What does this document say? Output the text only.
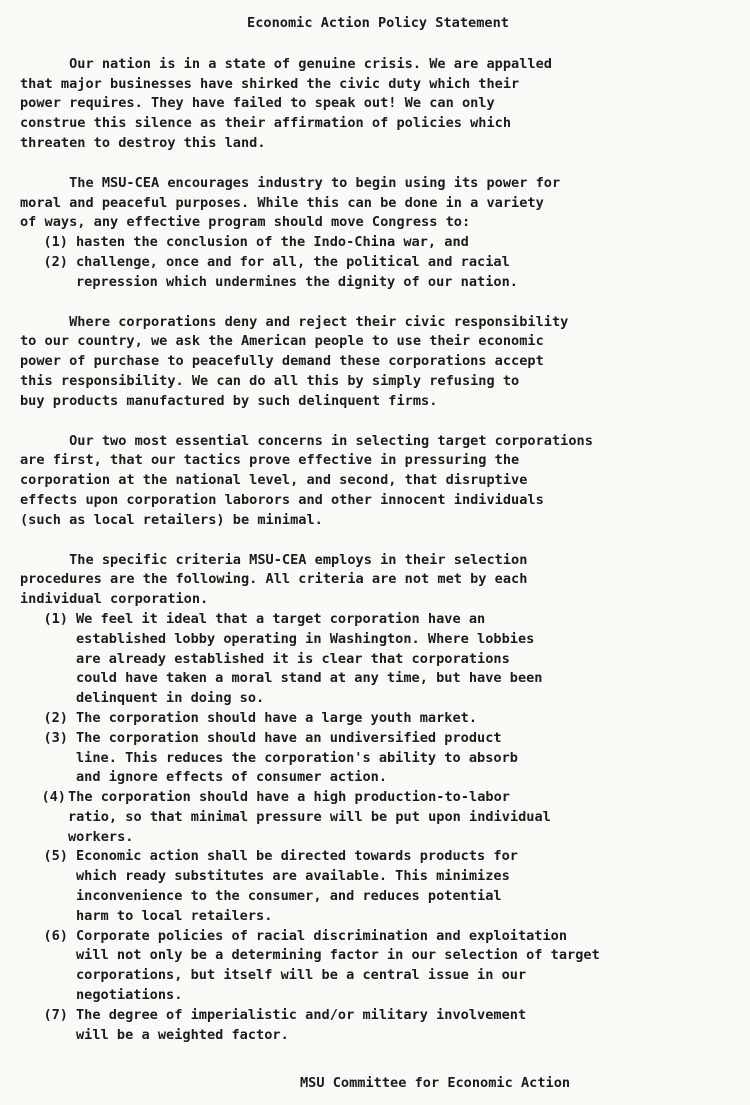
Economic Action Policy Statement

Our nation is in a state of genuine crisis. We are appalled
that major businesses have shirked the civic duty which their
power requires. They have failed to speak out! We can only
construe this silence as their affirmation of policies which
threaten to destroy this land.

The MSU-CEA encourages industry to begin using its power for
moral and peaceful purposes. While this can be done in a variety
of ways, any effective program should move Congress to:

(1) hasten the conclusion of the Indo-China war, and
(2) challenge, once and for all, the political and racial
repression which undermines the dignity of our nation.

Where corporations deny and reject their civic responsibility
to our country, we ask the American people to use their economic
power of purchase to peacefully demand these corporations accept
this responsibility. We can do all this by simply refusing to
buy products manufactured by such delinquent firms.

Our two most essential concerns in selecting target corporations
are first, that our tactics prove effective in pressuring the
corporation at the national level, and second, that disruptive
effects upon corporation laborors and other innocent individuals
(such as local retailers) be minimal.

The specific criteria MSU-CEA employs in their selection
procedures are the following. All criteria are not met by each
individual corporation.

(1) We feel it ideal that a target corporation have an
established lobby operating in Washington. Where lobbies
are already established it is clear that corporations
could have taken a moral stand at any time, but have been
delinquent in doing so.
(2) The corporation should have a large youth market.
(3) The corporation should have an undiversified product
line. This reduces the corporation's ability to absorb
and ignore effects of consumer action.
(4) The corporation should have a high production-to-labor
ratio, so that minimal pressure will be put upon individual
workers.
(5) Economic action shall be directed towards products for
which ready substitutes are available. This minimizes
inconvenience to the consumer, and reduces potential
harm to local retailers.
(6) Corporate policies of racial discrimination and exploitation
will not only be a determining factor in our selection of target
corporations, but itself will be a central issue in our
negotiations.
(7) The degree of imperialistic and/or military involvement
will be a weighted factor.
MSU Committee for Economic Action
